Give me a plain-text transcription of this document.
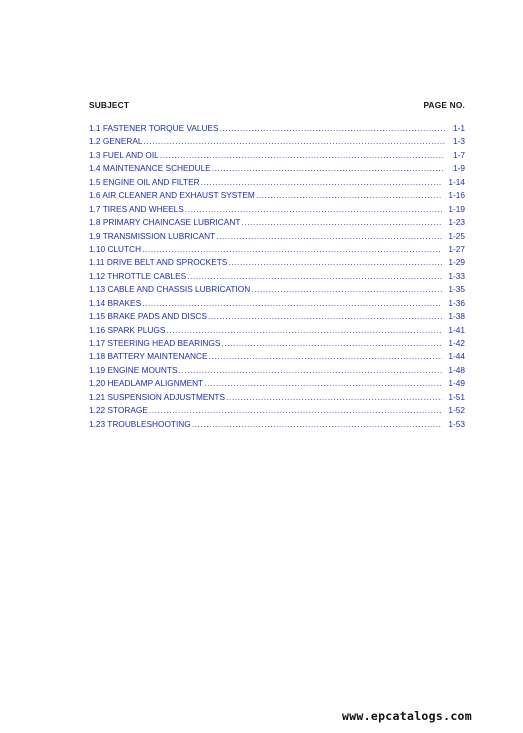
SUBJECT	PAGE NO.
1.1 FASTENER TORQUE VALUES .....	1-1
1.2 GENERAL .....	1-3
1.3 FUEL AND OIL .....	1-7
1.4 MAINTENANCE SCHEDULE .....	1-9
1.5 ENGINE OIL AND FILTER .....	1-14
1.6 AIR CLEANER AND EXHAUST SYSTEM .....	1-16
1.7 TIRES AND WHEELS .....	1-19
1.8 PRIMARY CHAINCASE LUBRICANT .....	1-23
1.9 TRANSMISSION LUBRICANT .....	1-25
1.10 CLUTCH .....	1-27
1.11 DRIVE BELT AND SPROCKETS .....	1-29
1.12 THROTTLE CABLES .....	1-33
1.13 CABLE AND CHASSIS LUBRICATION .....	1-35
1.14 BRAKES .....	1-36
1.15 BRAKE PADS AND DISCS .....	1-38
1.16 SPARK PLUGS .....	1-41
1.17 STEERING HEAD BEARINGS .....	1-42
1.18 BATTERY MAINTENANCE .....	1-44
1.19 ENGINE MOUNTS .....	1-48
1.20 HEADLAMP ALIGNMENT .....	1-49
1.21 SUSPENSION ADJUSTMENTS .....	1-51
1.22 STORAGE .....	1-52
1.23 TROUBLESHOOTING .....	1-53
www.epcatalogs.com
